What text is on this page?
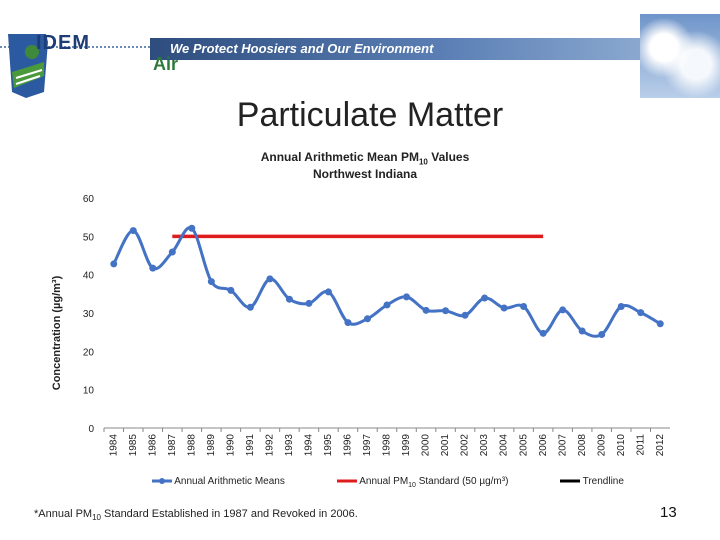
We Protect Hoosiers and Our Environment
IDEM
Air
Particulate Matter
Annual Arithmetic Mean $PM_{10}$ Values
Northwest Indiana
0
10
20
30
40
50
60
1984 1985 1986 1987 1988 1989 1990 1991 1992 1993 1994 1995 1996 1997 1998 1999 2000 2001 2002 2003 2004 2005 2006 2007 2008 2009 2010 2011 2012
Concentration (µg/m³)
Annual Arithmetic Means	Annual $PM_{10}$ Standard (50 µg/m³)	Trendline
*Annual $PM_{10}$ Standard Established in 1987 and Revoked in 2006.	13
